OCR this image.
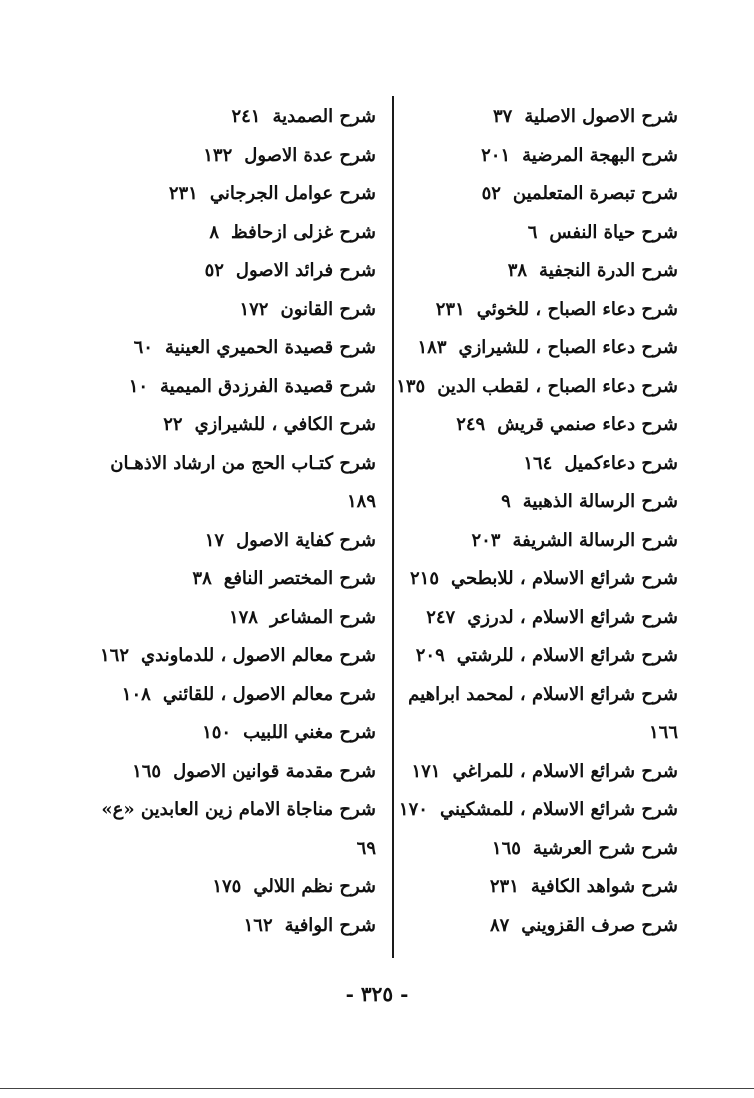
شرح الاصول الاصلية٣٧
شرح البهجة المرضية٢٠١
شرح تبصرة المتعلمين٥٢
شرح حياة النفس٦
شرح الدرة النجفية٣٨
شرح دعاء الصباح ، للخوئي٢٣١
شرح دعاء الصباح ، للشيرازي١٨٣
شرح دعاء الصباح ، لقطب الدين١٣٥
شرح دعاء صنمي قريش٢٤٩
شرح دعاءكميل١٦٤
شرح الرسالة الذهبية٩
شرح الرسالة الشريفة٢٠٣
شرح شرائع الاسلام ، للابطحي٢١٥
شرح شرائع الاسلام ، لدرزي٢٤٧
شرح شرائع الاسلام ، للرشتي٢٠٩
شرح شرائع الاسلام ، لمحمد ابراهيم
١٦٦
شرح شرائع الاسلام ، للمراغي١٧١
شرح شرائع الاسلام ، للمشكيني١٧٠
شرح شرح العرشية١٦٥
شرح شواهد الكافية٢٣١
شرح صرف القزويني٨٧
شرح الصمدية٢٤١
شرح عدة الاصول١٣٢
شرح عوامل الجرجاني٢٣١
شرح غزلى ازحافظ٨
شرح فرائد الاصول٥٢
شرح القانون١٧٢
شرح قصيدة الحميري العينية٦٠
شرح قصيدة الفرزدق الميمية١٠
شرح الكافي ، للشيرازي٢٢
شرح كتـاب الحج من ارشاد الاذهـان
١٨٩
شرح كفاية الاصول١٧
شرح المختصر النافع٣٨
شرح المشاعر١٧٨
شرح معالم الاصول ، للدماوندي١٦٢
شرح معالم الاصول ، للقائني١٠٨
شرح مغني اللبيب١٥٠
شرح مقدمة قوانين الاصول١٦٥
شرح مناجاة الامام زين العابدين «ع»
٦٩
شرح نظم اللالي١٧٥
شرح الوافية١٦٢
- ٣٢٥ -
